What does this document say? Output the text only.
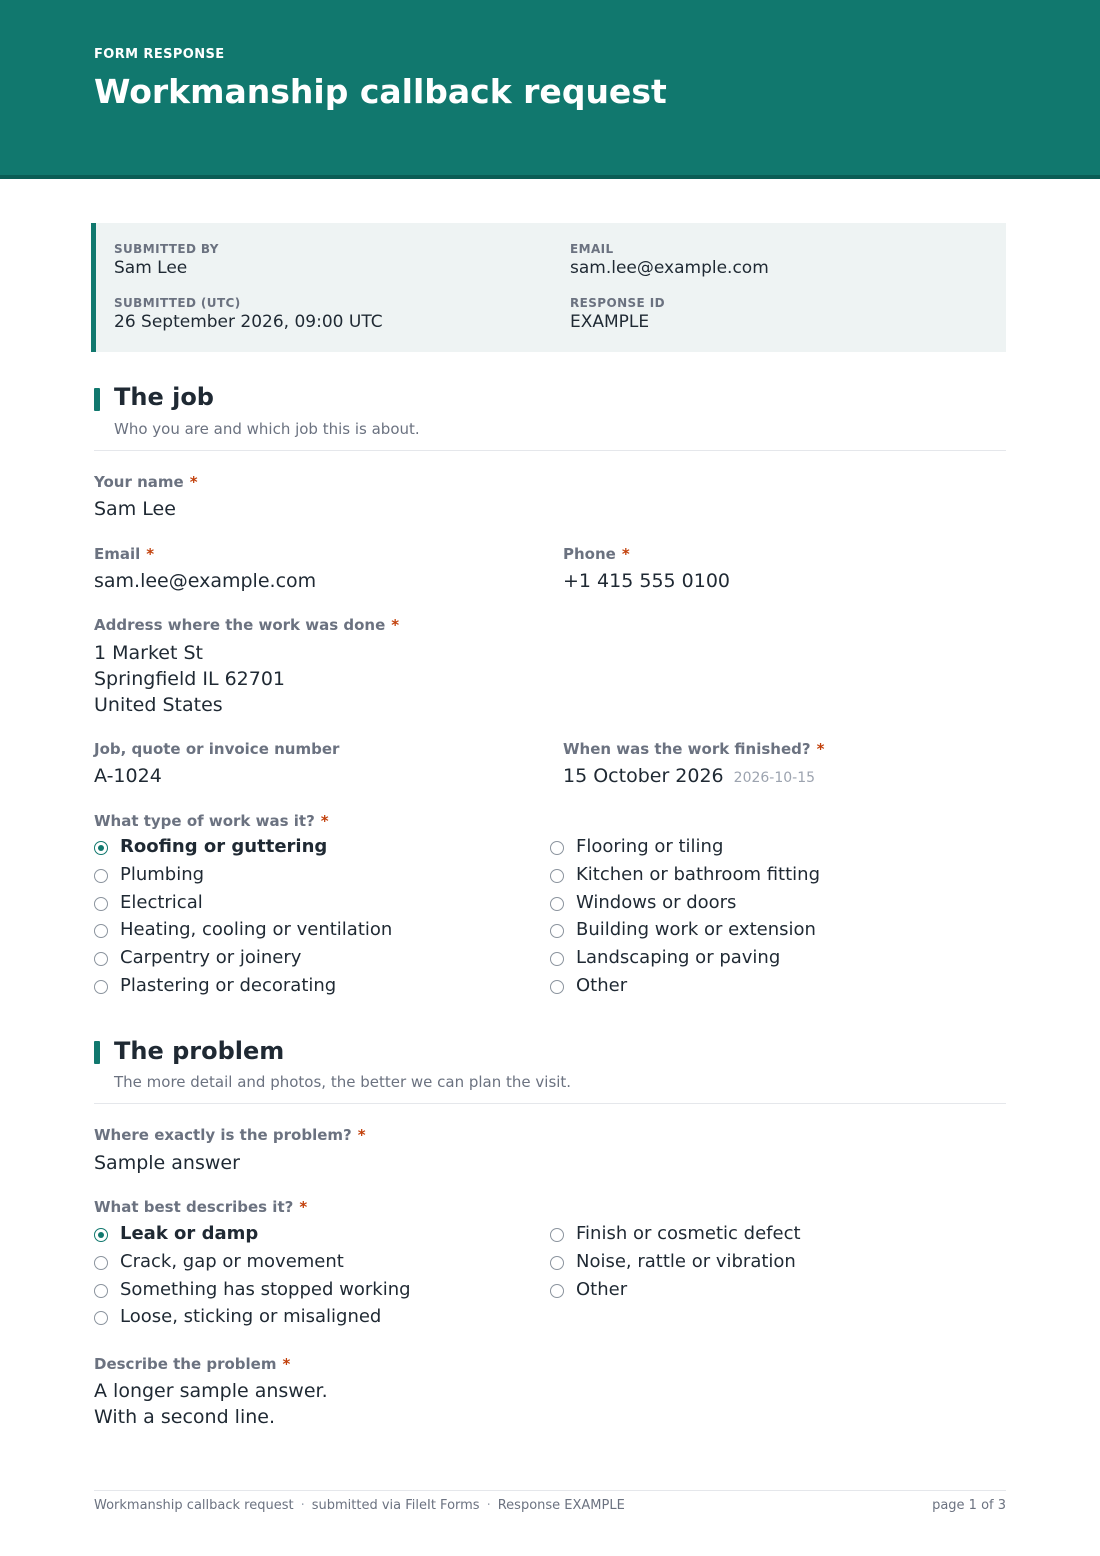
FORM RESPONSE
Workmanship callback request
SUBMITTED BY
Sam Lee
EMAIL
sam.lee@example.com
SUBMITTED (UTC)
26 September 2026, 09:00 UTC
RESPONSE ID
EXAMPLE
The job
Who you are and which job this is about.
Your name *
Sam Lee
Email *
sam.lee@example.com
Phone *
+1 415 555 0100
Address where the work was done *
1 Market St
Springfield IL 62701
United States
Job, quote or invoice number
A-1024
When was the work finished? *
15 October 2026 2026-10-15
What type of work was it? *
Roofing or guttering
Plumbing
Electrical
Heating, cooling or ventilation
Carpentry or joinery
Plastering or decorating
Flooring or tiling
Kitchen or bathroom fitting
Windows or doors
Building work or extension
Landscaping or paving
Other
The problem
The more detail and photos, the better we can plan the visit.
Where exactly is the problem? *
Sample answer
What best describes it? *
Leak or damp
Crack, gap or movement
Something has stopped working
Loose, sticking or misaligned
Finish or cosmetic defect
Noise, rattle or vibration
Other
Describe the problem *
A longer sample answer.
With a second line.
Workmanship callback request · submitted via FileIt Forms · Response EXAMPLE	page 1 of 3
